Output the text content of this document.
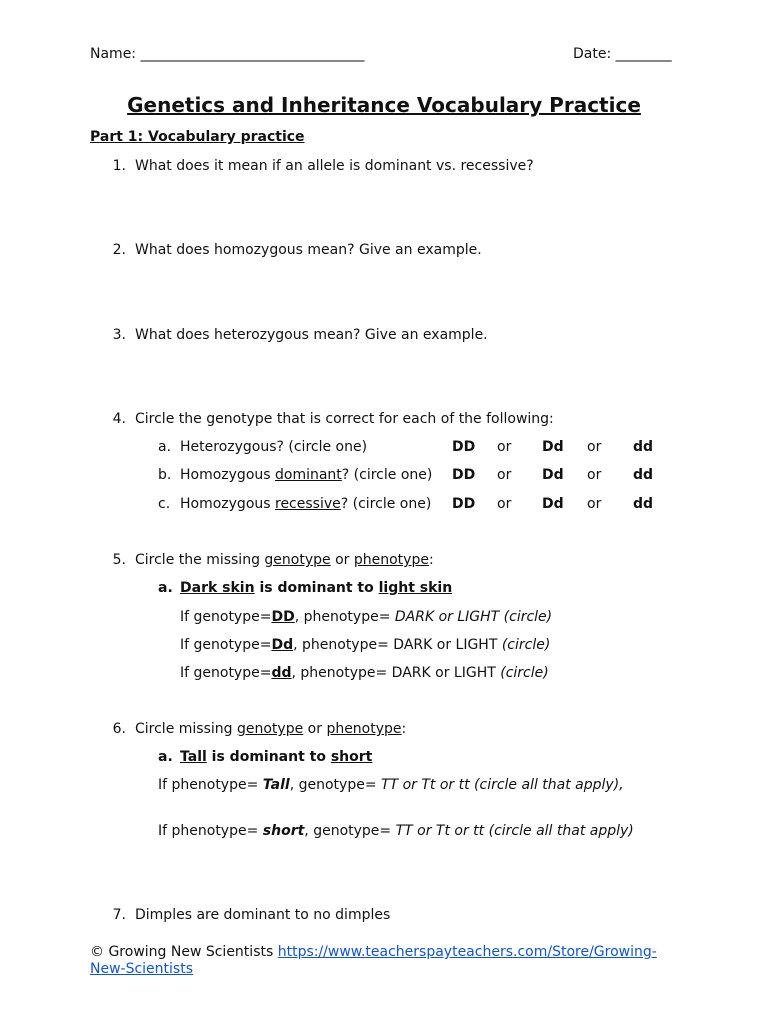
Name: ________________________________	Date: ________
Genetics and Inheritance Vocabulary Practice
Part 1: Vocabulary practice
1. What does it mean if an allele is dominant vs. recessive?
2. What does homozygous mean? Give an example.
3. What does heterozygous mean? Give an example.
4. Circle the genotype that is correct for each of the following:
a. Heterozygous? (circle one)	DD or Dd or dd
b. Homozygous dominant? (circle one) DD or Dd or dd
c. Homozygous recessive? (circle one) DD or Dd or dd
5. Circle the missing genotype or phenotype:
a. Dark skin is dominant to light skin
If genotype=DD, phenotype= DARK or LIGHT (circle)
If genotype=Dd, phenotype= DARK or LIGHT (circle)
If genotype=dd, phenotype= DARK or LIGHT (circle)
6. Circle missing genotype or phenotype:
a. Tall is dominant to short
If phenotype= Tall, genotype= TT or Tt or tt (circle all that apply),
If phenotype= short, genotype= TT or Tt or tt (circle all that apply)
7. Dimples are dominant to no dimples
© Growing New Scientists https://www.teacherspayteachers.com/Store/Growing-
New-Scientists
